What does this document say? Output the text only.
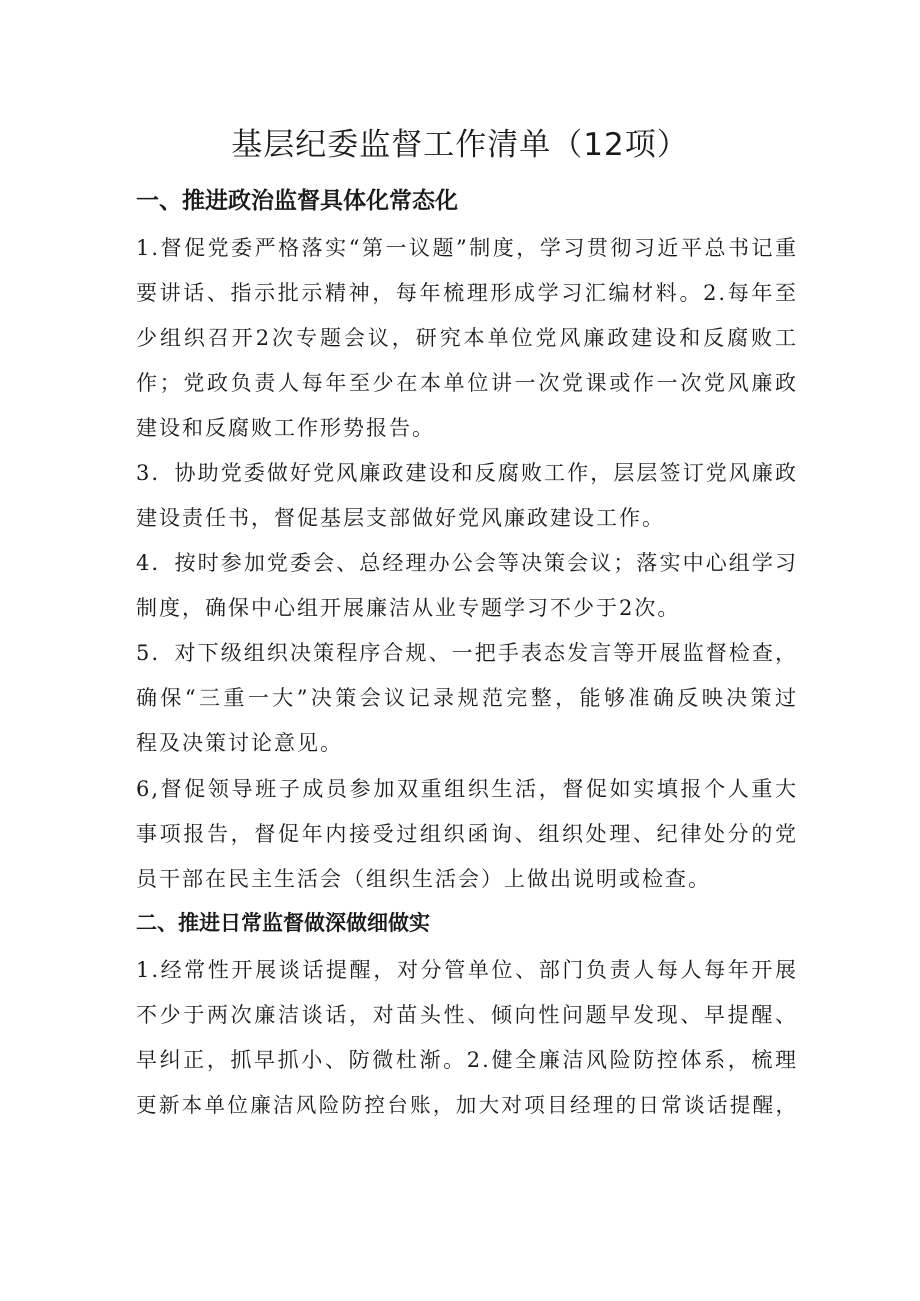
基层纪委监督工作清单（12项）
一、推进政治监督具体化常态化

1.督促党委严格落实“第一议题”制度，学习贯彻习近平总书记重
要讲话、指示批示精神，每年梳理形成学习汇编材料。2.每年至
少组织召开2次专题会议，研究本单位党风廉政建设和反腐败工
作；党政负责人每年至少在本单位讲一次党课或作一次党风廉政
建设和反腐败工作形势报告。

3．协助党委做好党风廉政建设和反腐败工作，层层签订党风廉政
建设责任书，督促基层支部做好党风廉政建设工作。

4．按时参加党委会、总经理办公会等决策会议；落实中心组学习
制度，确保中心组开展廉洁从业专题学习不少于2次。

5．对下级组织决策程序合规、一把手表态发言等开展监督检查，
确保“三重一大”决策会议记录规范完整，能够准确反映决策过
程及决策讨论意见。

6,督促领导班子成员参加双重组织生活，督促如实填报个人重大
事项报告，督促年内接受过组织函询、组织处理、纪律处分的党
员干部在民主生活会（组织生活会）上做出说明或检查。

二、推进日常监督做深做细做实

1.经常性开展谈话提醒，对分管单位、部门负责人每人每年开展
不少于两次廉洁谈话，对苗头性、倾向性问题早发现、早提醒、
早纠正，抓早抓小、防微杜渐。2.健全廉洁风险防控体系，梳理
更新本单位廉洁风险防控台账，加大对项目经理的日常谈话提醒，
